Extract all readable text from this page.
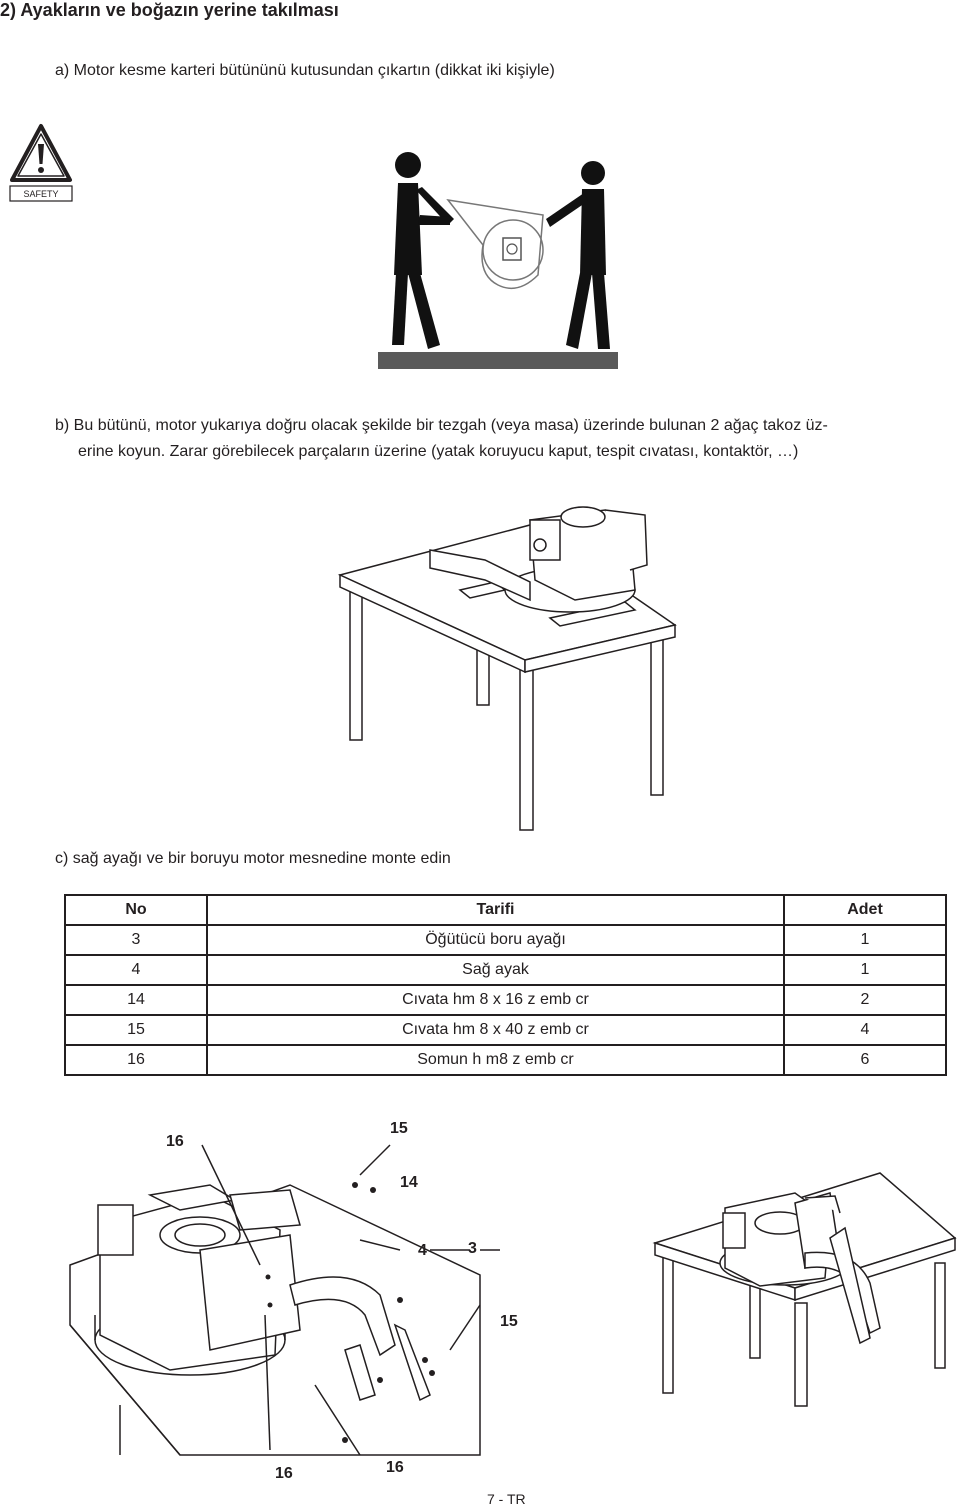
2) Ayakların ve boğazın yerine takılması
a) Motor kesme karteri bütününü kutusundan çıkartın (dikkat iki kişiyle)
SAFETY
b) Bu bütünü, motor yukarıya doğru olacak şekilde bir tezgah (veya masa) üzerinde bulunan 2 ağaç takoz üz-
erine koyun. Zarar görebilecek parçaların üzerine (yatak koruyucu kaput, tespit cıvatası, kontaktör, …)
c) sağ ayağı ve bir boruyu motor mesnedine monte edin
No	Tarifi	Adet
3	Öğütücü boru ayağı	1
4	Sağ ayak	1
14	Cıvata hm 8 x 16 z emb cr	2
15	Cıvata hm 8 x 40 z emb cr	4
16	Somun h m8 z emb cr	6
16
15
14
4	3
15
16	16
7 - TR
